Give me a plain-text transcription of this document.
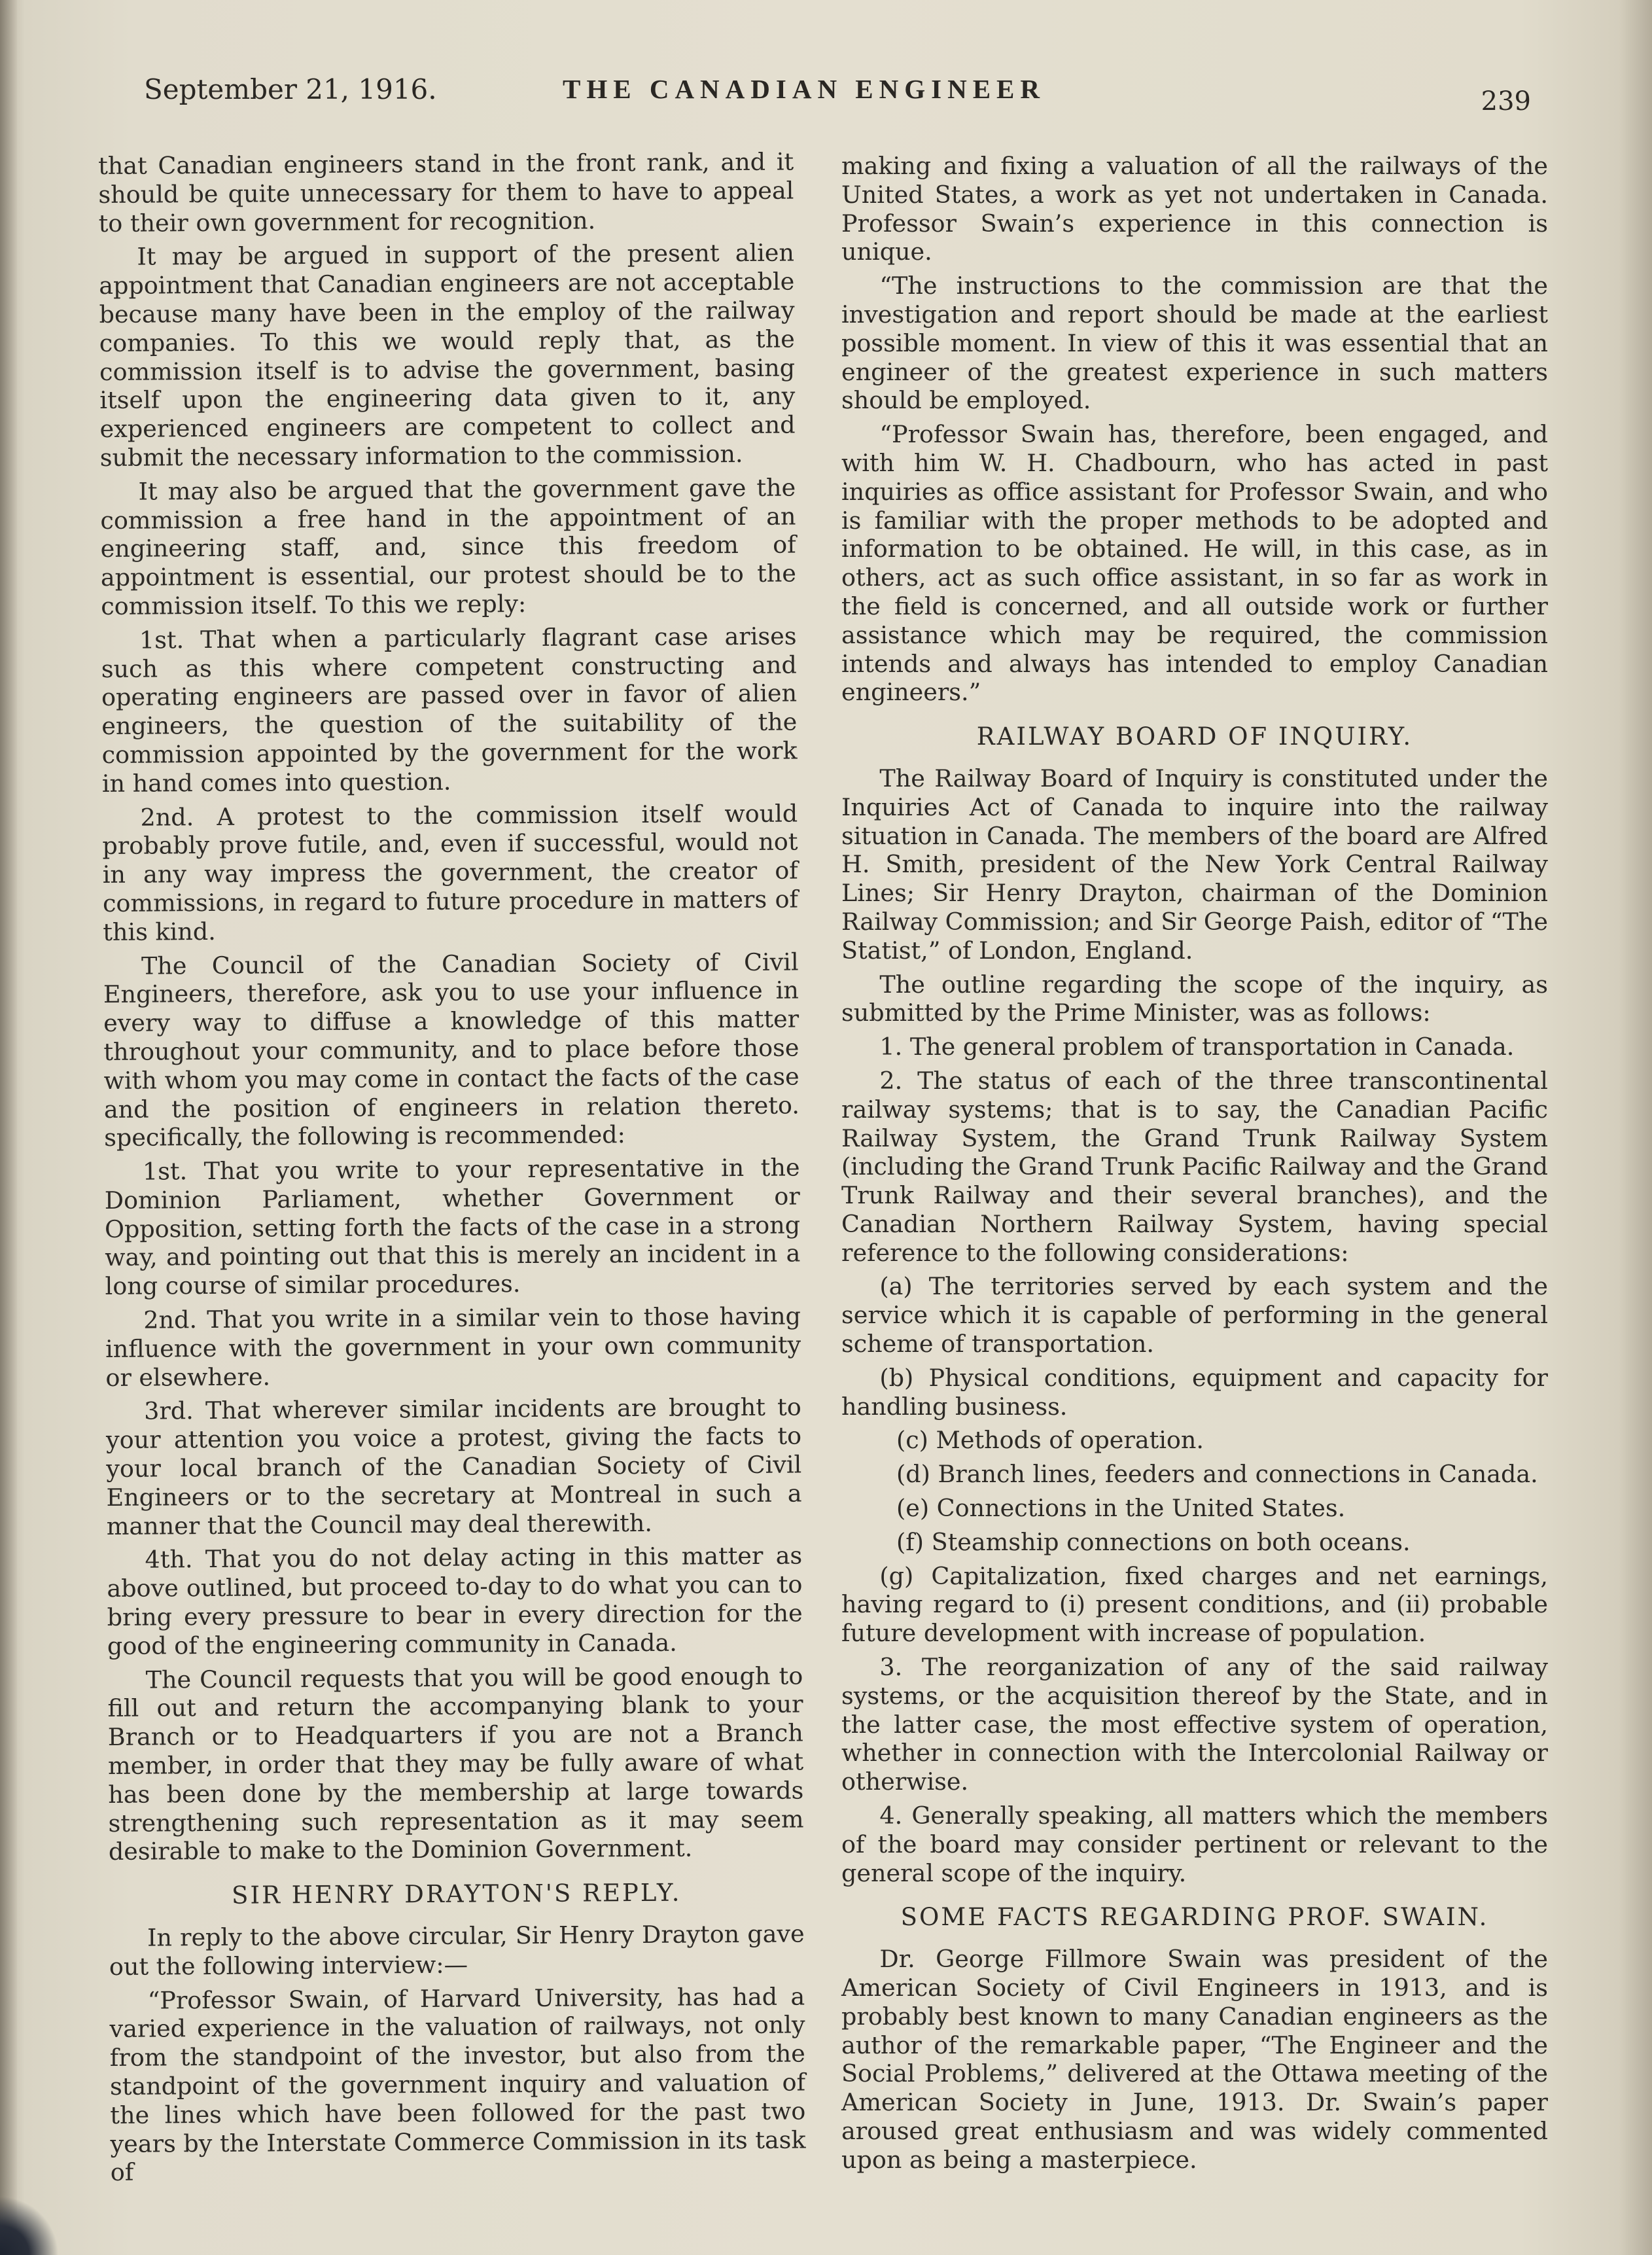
September 21, 1916.	THE CANADIAN ENGINEER	239

that Canadian engineers stand in the front rank, and it should be quite unnecessary for them to have to appeal to their own government for recognition.

It may be argued in support of the present alien appointment that Canadian engineers are not acceptable because many have been in the employ of the railway companies. To this we would reply that, as the commission itself is to advise the government, basing itself upon the engineering data given to it, any experienced engineers are competent to collect and submit the necessary information to the commission.

It may also be argued that the government gave the commission a free hand in the appointment of an engineering staff, and, since this freedom of appointment is essential, our protest should be to the commission itself. To this we reply:

1st. That when a particularly flagrant case arises such as this where competent constructing and operating engineers are passed over in favor of alien engineers, the question of the suitability of the commission appointed by the government for the work in hand comes into question.

2nd. A protest to the commission itself would probably prove futile, and, even if successful, would not in any way impress the government, the creator of commissions, in regard to future procedure in matters of this kind.

The Council of the Canadian Society of Civil Engineers, therefore, ask you to use your influence in every way to diffuse a knowledge of this matter throughout your community, and to place before those with whom you may come in contact the facts of the case and the position of engineers in relation thereto. specifically, the following is recommended:

1st. That you write to your representative in the Dominion Parliament, whether Government or Opposition, setting forth the facts of the case in a strong way, and pointing out that this is merely an incident in a long course of similar procedures.

2nd. That you write in a similar vein to those having influence with the government in your own community or elsewhere.

3rd. That wherever similar incidents are brought to your attention you voice a protest, giving the facts to your local branch of the Canadian Society of Civil Engineers or to the secretary at Montreal in such a manner that the Council may deal therewith.

4th. That you do not delay acting in this matter as above outlined, but proceed to-day to do what you can to bring every pressure to bear in every direction for the good of the engineering community in Canada.

The Council requests that you will be good enough to fill out and return the accompanying blank to your Branch or to Headquarters if you are not a Branch member, in order that they may be fully aware of what has been done by the membership at large towards strengthening such representation as it may seem desirable to make to the Dominion Government.

SIR HENRY DRAYTON'S REPLY.

In reply to the above circular, Sir Henry Drayton gave out the following interview:—

“Professor Swain, of Harvard University, has had a varied experience in the valuation of railways, not only from the standpoint of the investor, but also from the standpoint of the government inquiry and valuation of the lines which have been followed for the past two years by the Interstate Commerce Commission in its task of

making and fixing a valuation of all the railways of the United States, a work as yet not undertaken in Canada. Professor Swain’s experience in this connection is unique.

“The instructions to the commission are that the investigation and report should be made at the earliest possible moment. In view of this it was essential that an engineer of the greatest experience in such matters should be employed.

“Professor Swain has, therefore, been engaged, and with him W. H. Chadbourn, who has acted in past inquiries as office assistant for Professor Swain, and who is familiar with the proper methods to be adopted and information to be obtained. He will, in this case, as in others, act as such office assistant, in so far as work in the field is concerned, and all outside work or further assistance which may be required, the commission intends and always has intended to employ Canadian engineers.”

RAILWAY BOARD OF INQUIRY.

The Railway Board of Inquiry is constituted under the Inquiries Act of Canada to inquire into the railway situation in Canada. The members of the board are Alfred H. Smith, president of the New York Central Railway Lines; Sir Henry Drayton, chairman of the Dominion Railway Commission; and Sir George Paish, editor of “The Statist,” of London, England.

The outline regarding the scope of the inquiry, as submitted by the Prime Minister, was as follows:

1. The general problem of transportation in Canada.

2. The status of each of the three transcontinental railway systems; that is to say, the Canadian Pacific Railway System, the Grand Trunk Railway System (including the Grand Trunk Pacific Railway and the Grand Trunk Railway and their several branches), and the Canadian Northern Railway System, having special reference to the following considerations:

(a) The territories served by each system and the service which it is capable of performing in the general scheme of transportation.

(b) Physical conditions, equipment and capacity for handling business.

(c) Methods of operation.

(d) Branch lines, feeders and connections in Canada.

(e) Connections in the United States.

(f) Steamship connections on both oceans.

(g) Capitalization, fixed charges and net earnings, having regard to (i) present conditions, and (ii) probable future development with increase of population.

3. The reorganization of any of the said railway systems, or the acquisition thereof by the State, and in the latter case, the most effective system of operation, whether in connection with the Intercolonial Railway or otherwise.

4. Generally speaking, all matters which the members of the board may consider pertinent or relevant to the general scope of the inquiry.

SOME FACTS REGARDING PROF. SWAIN.

Dr. George Fillmore Swain was president of the American Society of Civil Engineers in 1913, and is probably best known to many Canadian engineers as the author of the remarkable paper, “The Engineer and the Social Problems,” delivered at the Ottawa meeting of the American Society in June, 1913. Dr. Swain’s paper aroused great enthusiasm and was widely commented upon as being a masterpiece.
